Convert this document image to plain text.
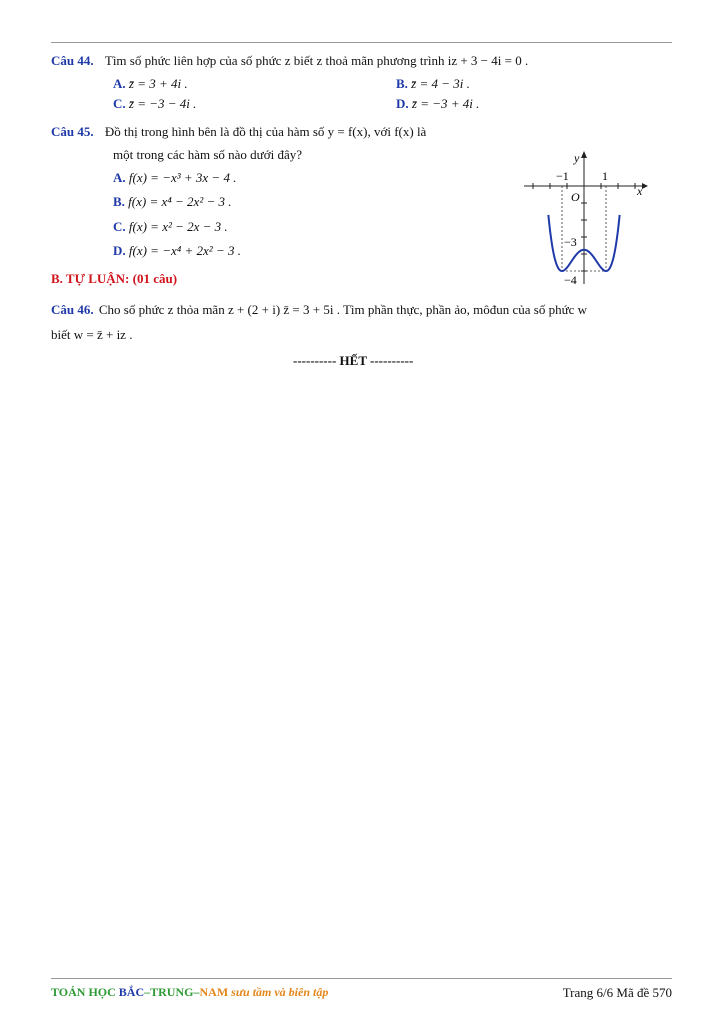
Câu 44. Tìm số phức liên hợp của số phức z biết z thoả mãn phương trình iz + 3 − 4i = 0 .
A. z̄ = 3 + 4i .	B. z̄ = 4 − 3i .
C. z̄ = −3 − 4i .	D. z̄ = −3 + 4i .
Câu 45. Đồ thị trong hình bên là đồ thị của hàm số y = f(x), với f(x) là
một trong các hàm số nào dưới đây?
A. f(x) = −x³ + 3x − 4 .
B. f(x) = x⁴ − 2x² − 3 .
C. f(x) = x² − 2x − 3 .
D. f(x) = −x⁴ + 2x² − 3 .
y
x
O
−1	1
−3
−4
B. TỰ LUẬN: (01 câu)
Câu 46. Cho số phức z thỏa mãn z + (2 + i) z̄ = 3 + 5i . Tìm phần thực, phần ảo, môđun của số phức w
biết w = z̄ + iz .
---------- HẾT ----------
TOÁN HỌC BẮC–TRUNG–NAM sưu tầm và biên tập	Trang 6/6 Mã đề 570
